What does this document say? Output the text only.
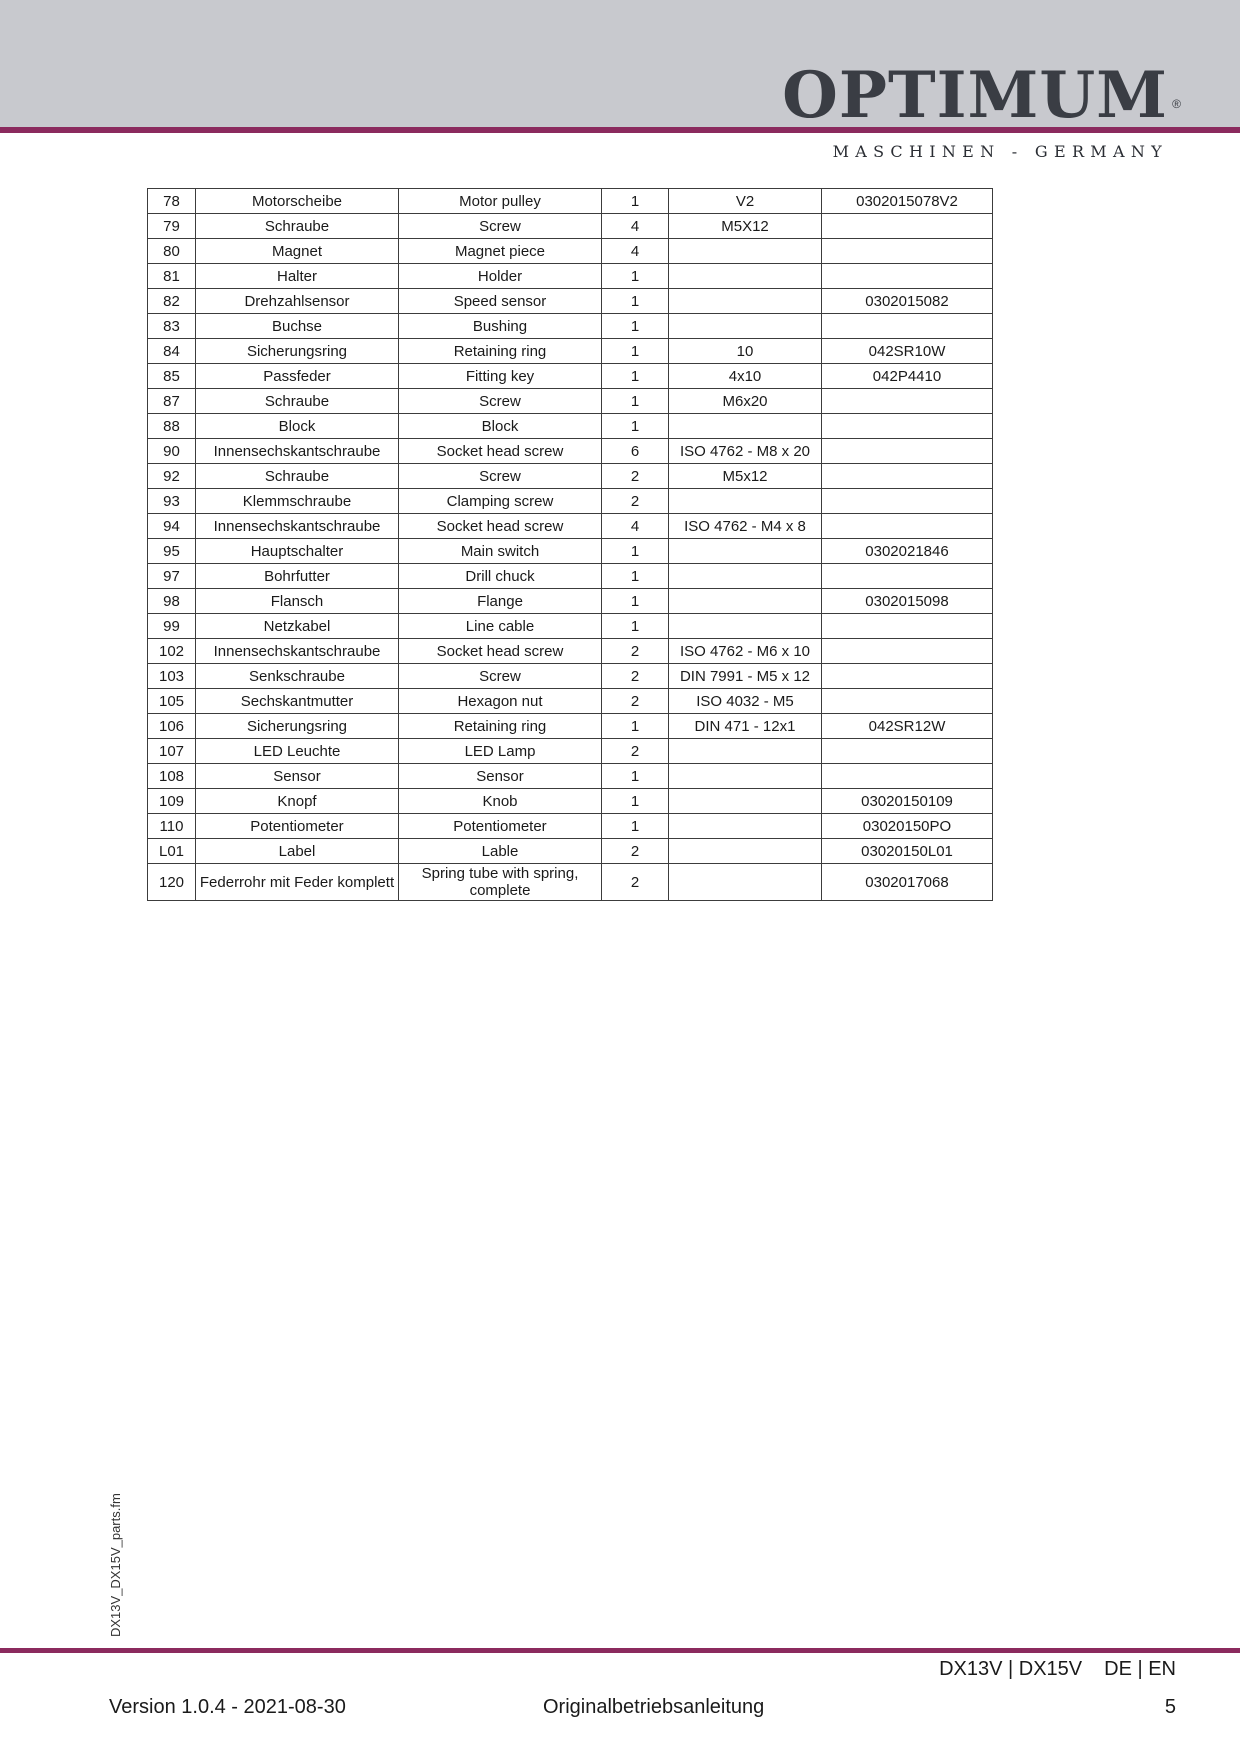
OPTIMUM ®
MASCHINEN - GERMANY
78	Motorscheibe	Motor pulley	1	V2	0302015078V2
79	Schraube	Screw	4	M5X12	
80	Magnet	Magnet piece	4		
81	Halter	Holder	1		
82	Drehzahlsensor	Speed sensor	1		0302015082
83	Buchse	Bushing	1		
84	Sicherungsring	Retaining ring	1	10	042SR10W
85	Passfeder	Fitting key	1	4x10	042P4410
87	Schraube	Screw	1	M6x20	
88	Block	Block	1		
90	Innensechskantschraube	Socket head screw	6	ISO 4762 - M8 x 20	
92	Schraube	Screw	2	M5x12	
93	Klemmschraube	Clamping screw	2		
94	Innensechskantschraube	Socket head screw	4	ISO 4762 - M4 x 8	
95	Hauptschalter	Main switch	1		0302021846
97	Bohrfutter	Drill chuck	1		
98	Flansch	Flange	1		0302015098
99	Netzkabel	Line cable	1		
102	Innensechskantschraube	Socket head screw	2	ISO 4762 - M6 x 10	
103	Senkschraube	Screw	2	DIN 7991 - M5 x 12	
105	Sechskantmutter	Hexagon nut	2	ISO 4032 - M5	
106	Sicherungsring	Retaining ring	1	DIN 471 - 12x1	042SR12W
107	LED Leuchte	LED Lamp	2		
108	Sensor	Sensor	1		
109	Knopf	Knob	1		03020150109
110	Potentiometer	Potentiometer	1		03020150PO
L01	Label	Lable	2		03020150L01
120	Federrohr mit Feder komplett	Spring tube with spring, complete	2		0302017068
DX13V_DX15V_parts.fm
DX13V | DX15V DE | EN
Version 1.0.4 - 2021-08-30	Originalbetriebsanleitung	5
